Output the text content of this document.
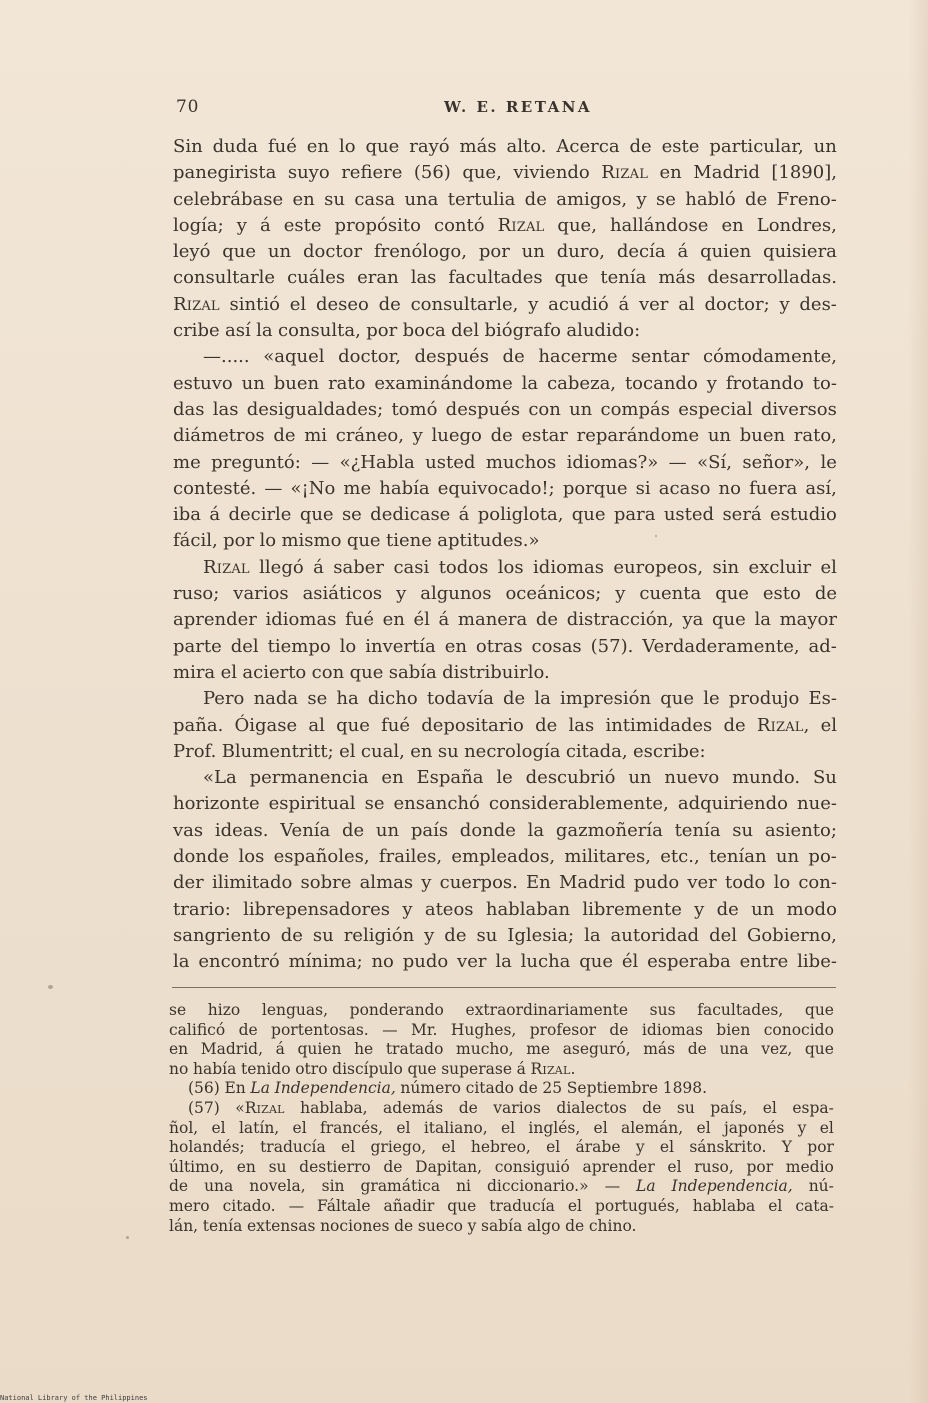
70	W. E. RETANA
Sin duda fué en lo que rayó más alto. Acerca de este particular, un
panegirista suyo refiere (56) que, viviendo Rizal en Madrid [1890],
celebrábase en su casa una tertulia de amigos, y se habló de Freno-
logía; y á este propósito contó Rizal que, hallándose en Londres,
leyó que un doctor frenólogo, por un duro, decía á quien quisiera
consultarle cuáles eran las facultades que tenía más desarrolladas.
Rizal sintió el deseo de consultarle, y acudió á ver al doctor; y des-
cribe así la consulta, por boca del biógrafo aludido:
—..... «aquel doctor, después de hacerme sentar cómodamente,
estuvo un buen rato examinándome la cabeza, tocando y frotando to-
das las desigualdades; tomó después con un compás especial diversos
diámetros de mi cráneo, y luego de estar reparándome un buen rato,
me preguntó: — «¿Habla usted muchos idiomas?» — «Sí, señor», le
contesté. — «¡No me había equivocado!; porque si acaso no fuera así,
iba á decirle que se dedicase á poliglota, que para usted será estudio
fácil, por lo mismo que tiene aptitudes.»
Rizal llegó á saber casi todos los idiomas europeos, sin excluir el
ruso; varios asiáticos y algunos oceánicos; y cuenta que esto de
aprender idiomas fué en él á manera de distracción, ya que la mayor
parte del tiempo lo invertía en otras cosas (57). Verdaderamente, ad-
mira el acierto con que sabía distribuirlo.
Pero nada se ha dicho todavía de la impresión que le produjo Es-
paña. Óigase al que fué depositario de las intimidades de Rizal, el
Prof. Blumentritt; el cual, en su necrología citada, escribe:
«La permanencia en España le descubrió un nuevo mundo. Su
horizonte espiritual se ensanchó considerablemente, adquiriendo nue-
vas ideas. Venía de un país donde la gazmoñería tenía su asiento;
donde los españoles, frailes, empleados, militares, etc., tenían un po-
der ilimitado sobre almas y cuerpos. En Madrid pudo ver todo lo con-
trario: librepensadores y ateos hablaban libremente y de un modo
sangriento de su religión y de su Iglesia; la autoridad del Gobierno,
la encontró mínima; no pudo ver la lucha que él esperaba entre libe-
se hizo lenguas, ponderando extraordinariamente sus facultades, que
calificó de portentosas. — Mr. Hughes, profesor de idiomas bien conocido
en Madrid, á quien he tratado mucho, me aseguró, más de una vez, que
no había tenido otro discípulo que superase á Rizal.
(56) En La Independencia, número citado de 25 Septiembre 1898.
(57) «Rizal hablaba, además de varios dialectos de su país, el espa-
ñol, el latín, el francés, el italiano, el inglés, el alemán, el japonés y el
holandés; traducía el griego, el hebreo, el árabe y el sánskrito. Y por
último, en su destierro de Dapitan, consiguió aprender el ruso, por medio
de una novela, sin gramática ni diccionario.» — La Independencia, nú-
mero citado. — Fáltale añadir que traducía el portugués, hablaba el cata-
lán, tenía extensas nociones de sueco y sabía algo de chino.
National Library of the Philippines
